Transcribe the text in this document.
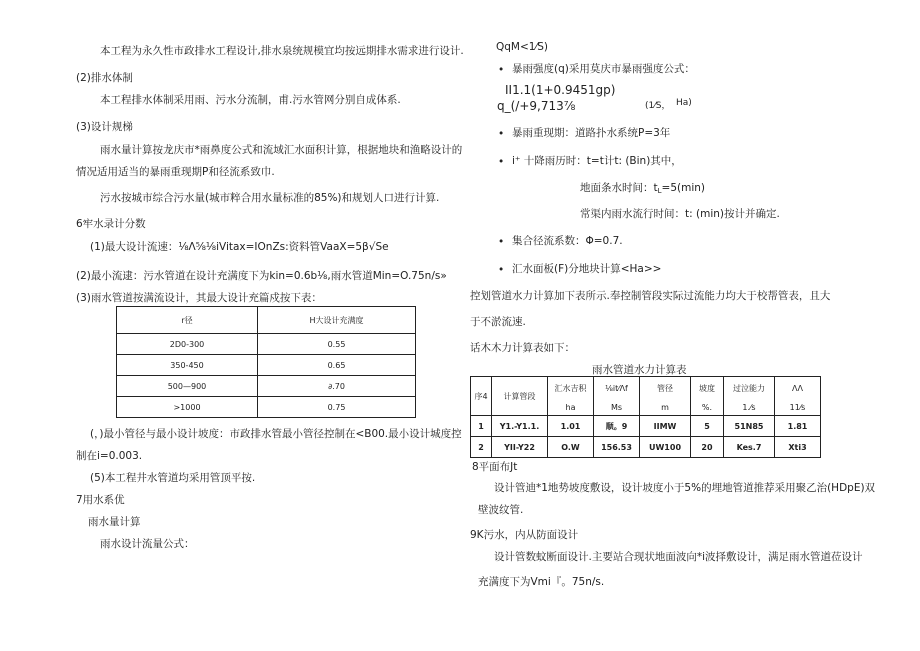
本工程为永久性市政排水工程设计,排水泉统规模宜均按远期排水需求进行设计.
(2)排水体制
本工程排水体制采用雨、污水分流制，甫.污水管网分别自成体系.
(3)设计规梯
雨水量计算按龙庆市*雨鼻度公式和流域汇水面积计算，根据地块和渔略设计的
情况适用适当的暴雨重现期P和径流系致巾.
污水按城市综合污水量(城市粹合用水量标准的85%)和规划人口进行计算.
6牢水录计分数
(1)最大设计流速：⅛Λ⅝⅛iVitax=IOnZs:资料管VaaX=5β√Se
(2)最小流逮：污水管道在设计充满度下为kin=0.6b⅛,雨水管道Min=O.75n/s»
(3)雨水管道按满流设计，其最大设计充篇戍按下表：
r径	H大设计充满度
2D0-300	0.55
350-450	0.65
500—900	∂.70
>1000	0.75
(，)最小管径与最小设计坡度：市政排水管最小管径控制在<B00.最小设计城度控
制在i=0.003.
(5)本工程井水管道均采用管顶平按.
7用水系优
雨水量计算
雨水设计流量公式：
QqM<1⁄S)
• 暴雨强度(q)采用莫庆市暴雨强度公式：
II1.1(1+0.9451gp)
q_(/+9,713⅞	(1⁄S， Ha)
• 暴雨重现期：道路扑水系统P=3年
• i⁺ 十降雨历时：t=t计t: (Bin)其中，
地面条水时间：tL=5(min)
常渠内雨水流行时间：t: (min)按计并确定.
• 集合径流系数：Φ=0.7.
• 汇水面板(F)分地块计算<Ha>>
控划管道水力计算加下表所示.奉控制管段实际过流能力均大于校帮管表，且大
于不淤流速.
话木木力计算表如下：
雨水管道水力计算表
序4	计算管段	汇水吉积	⅛it⁄Λf	管径	坡度	过泣能力	ΛΛ
		ha	Ms	m	%.	1.⁄s	11⁄s
1	Y1.-Y1.1.	1.01	顺。9	IIMW	5	51N85	1.81
2	YII-Y22	O.W	156.53	UW100	20	Kes.7	Xti3
8平面布Jt
设计管迪*1地势坡度敷设，设计坡度小于5%的埋地管道推荐采用聚乙治(HDpE)双
壁波纹管.
9K污水，内从防面设计
设计管数蚊断面设计.主要站合现状地面波向*i波择敷设计，满足雨水管道莅设计
充满度下为Vmi『。75n/s.
